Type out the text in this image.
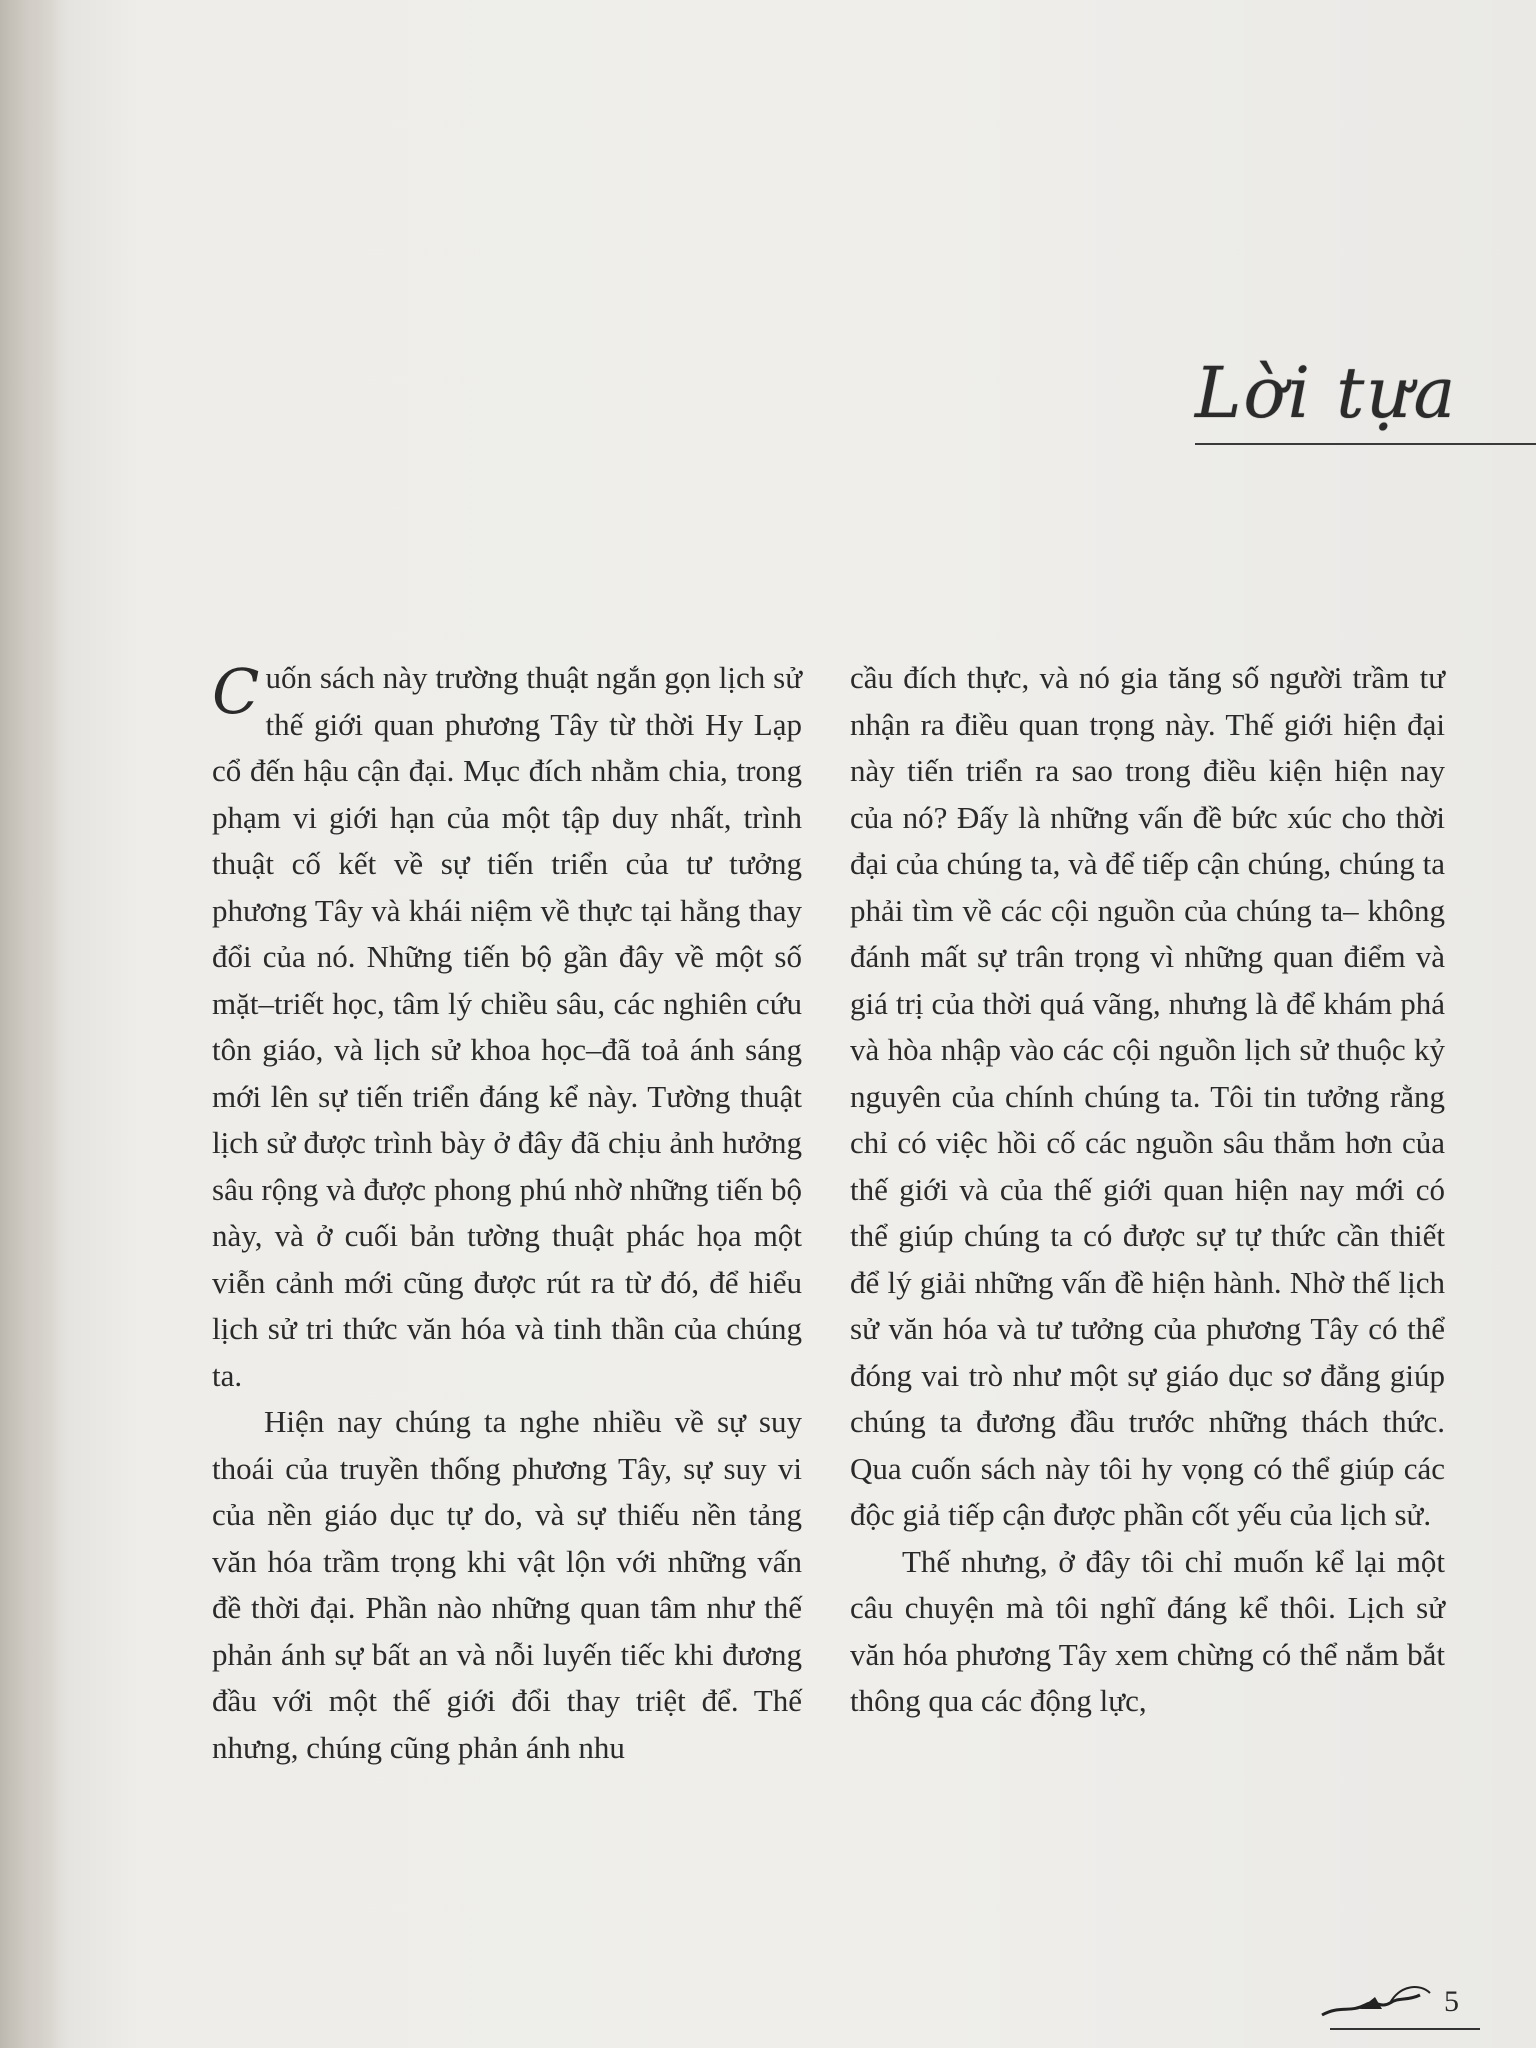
Lời tựa

Cuốn sách này trường thuật ngắn gọn lịch sử thế giới quan phương Tây từ thời Hy Lạp cổ đến hậu cận đại. Mục đích nhằm chia, trong phạm vi giới hạn của một tập duy nhất, trình thuật cố kết về sự tiến triển của tư tưởng phương Tây và khái niệm về thực tại hằng thay đổi của nó. Những tiến bộ gần đây về một số mặt–triết học, tâm lý chiều sâu, các nghiên cứu tôn giáo, và lịch sử khoa học–đã toả ánh sáng mới lên sự tiến triển đáng kể này. Tường thuật lịch sử được trình bày ở đây đã chịu ảnh hưởng sâu rộng và được phong phú nhờ những tiến bộ này, và ở cuối bản tường thuật phác họa một viễn cảnh mới cũng được rút ra từ đó, để hiểu lịch sử tri thức văn hóa và tinh thần của chúng ta.

Hiện nay chúng ta nghe nhiều về sự suy thoái của truyền thống phương Tây, sự suy vi của nền giáo dục tự do, và sự thiếu nền tảng văn hóa trầm trọng khi vật lộn với những vấn đề thời đại. Phần nào những quan tâm như thế phản ánh sự bất an và nỗi luyến tiếc khi đương đầu với một thế giới đổi thay triệt để. Thế nhưng, chúng cũng phản ánh nhu

cầu đích thực, và nó gia tăng số người trầm tư nhận ra điều quan trọng này. Thế giới hiện đại này tiến triển ra sao trong điều kiện hiện nay của nó? Đấy là những vấn đề bức xúc cho thời đại của chúng ta, và để tiếp cận chúng, chúng ta phải tìm về các cội nguồn của chúng ta– không đánh mất sự trân trọng vì những quan điểm và giá trị của thời quá vãng, nhưng là để khám phá và hòa nhập vào các cội nguồn lịch sử thuộc kỷ nguyên của chính chúng ta. Tôi tin tưởng rằng chỉ có việc hồi cố các nguồn sâu thẳm hơn của thế giới và của thế giới quan hiện nay mới có thể giúp chúng ta có được sự tự thức cần thiết để lý giải những vấn đề hiện hành. Nhờ thế lịch sử văn hóa và tư tưởng của phương Tây có thể đóng vai trò như một sự giáo dục sơ đẳng giúp chúng ta đương đầu trước những thách thức. Qua cuốn sách này tôi hy vọng có thể giúp các độc giả tiếp cận được phần cốt yếu của lịch sử.

Thế nhưng, ở đây tôi chỉ muốn kể lại một câu chuyện mà tôi nghĩ đáng kể thôi. Lịch sử văn hóa phương Tây xem chừng có thể nắm bắt thông qua các động lực,

5
